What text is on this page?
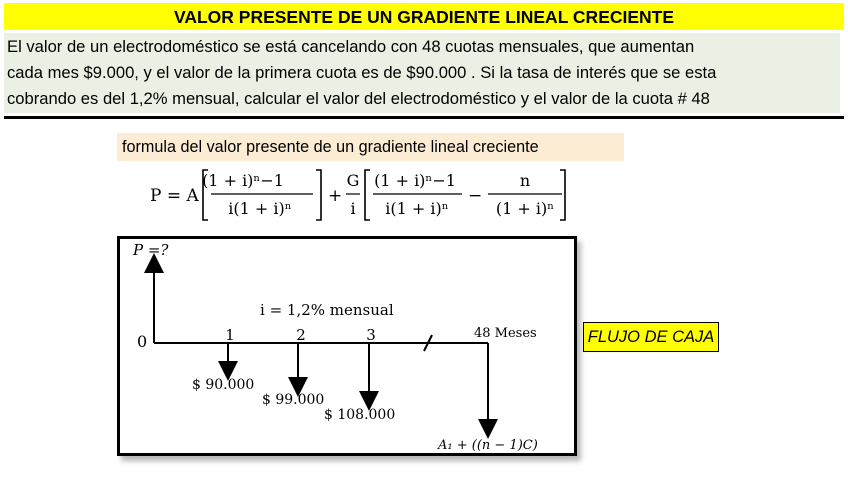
VALOR PRESENTE DE UN GRADIENTE LINEAL CRECIENTE
El valor de un electrodoméstico se está cancelando con 48 cuotas mensuales, que aumentan
cada mes $9.000, y el valor de la primera cuota es de $90.000 . Si la tasa de interés que se esta
cobrando es del 1,2% mensual, calcular el valor del electrodoméstico y el valor de la cuota # 48
formula del valor presente de un gradiente lineal creciente
P = A
(1 + i)ⁿ−1
i(1 + i)ⁿ
+
G
i
(1 + i)ⁿ−1
i(1 + i)ⁿ
−
n
(1 + i)ⁿ
P =?
i = 1,2% mensual
0	1	2	3	48 Meses
$ 90.000
$ 99.000
$ 108.000
A₁ + ((n − 1)C)
FLUJO DE CAJA
